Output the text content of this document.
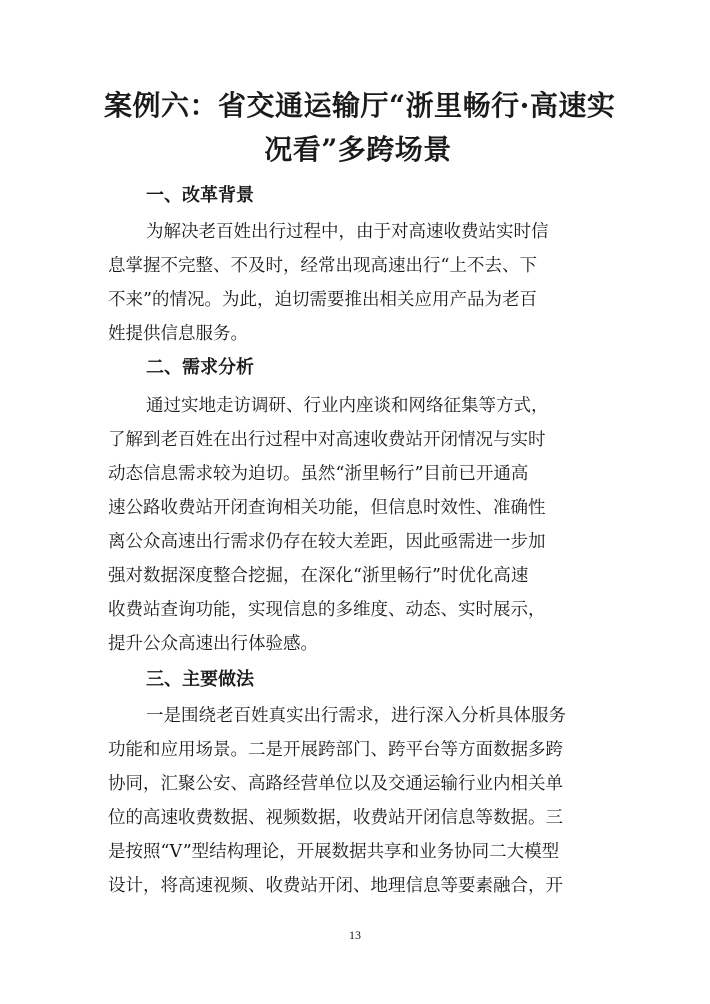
案例六：省交通运输厅“浙里畅行·高速实
况看”多跨场景
一、改革背景

为解决老百姓出行过程中，由于对高速收费站实时信

息掌握不完整、不及时，经常出现高速出行“上不去、下

不来”的情况。为此，迫切需要推出相关应用产品为老百

姓提供信息服务。

二、需求分析

通过实地走访调研、行业内座谈和网络征集等方式，

了解到老百姓在出行过程中对高速收费站开闭情况与实时

动态信息需求较为迫切。虽然“浙里畅行”目前已开通高

速公路收费站开闭查询相关功能，但信息时效性、准确性

离公众高速出行需求仍存在较大差距，因此亟需进一步加

强对数据深度整合挖掘，在深化“浙里畅行”时优化高速

收费站查询功能，实现信息的多维度、动态、实时展示，

提升公众高速出行体验感。

三、主要做法

一是围绕老百姓真实出行需求，进行深入分析具体服务

功能和应用场景。二是开展跨部门、跨平台等方面数据多跨

协同，汇聚公安、高路经营单位以及交通运输行业内相关单

位的高速收费数据、视频数据，收费站开闭信息等数据。三

是按照“V”型结构理论，开展数据共享和业务协同二大模型

设计，将高速视频、收费站开闭、地理信息等要素融合，开

13
